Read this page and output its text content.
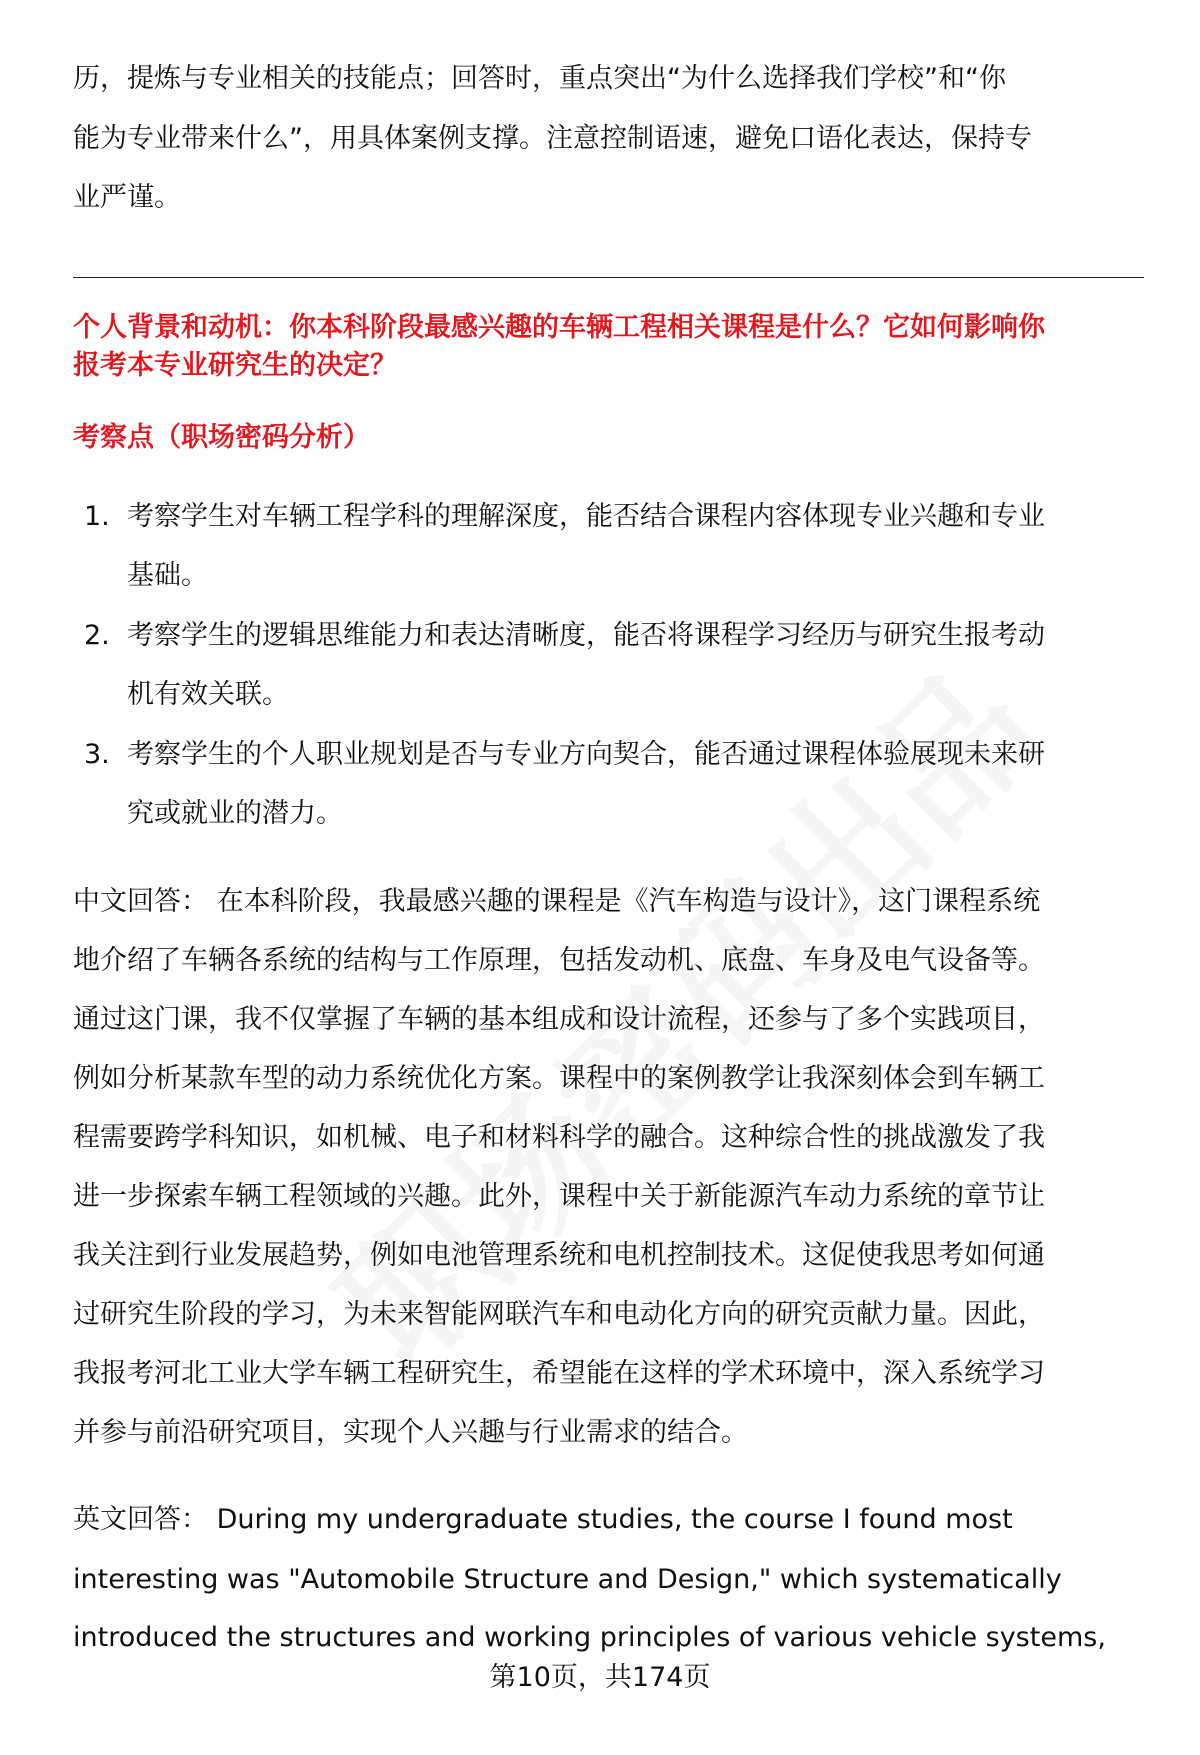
历，提炼与专业相关的技能点；回答时，重点突出“为什么选择我们学校”和“你
能为专业带来什么”，用具体案例支撑。注意控制语速，避免口语化表达，保持专
业严谨。
个人背景和动机：你本科阶段最感兴趣的车辆工程相关课程是什么？它如何影响你
报考本专业研究生的决定？
考察点（职场密码分析）
1. 考察学生对车辆工程学科的理解深度，能否结合课程内容体现专业兴趣和专业
基础。
2. 考察学生的逻辑思维能力和表达清晰度，能否将课程学习经历与研究生报考动
机有效关联。
3. 考察学生的个人职业规划是否与专业方向契合，能否通过课程体验展现未来研
究或就业的潜力。
中文回答： 在本科阶段，我最感兴趣的课程是《汽车构造与设计》，这门课程系统
地介绍了车辆各系统的结构与工作原理，包括发动机、底盘、车身及电气设备等。
通过这门课，我不仅掌握了车辆的基本组成和设计流程，还参与了多个实践项目，
例如分析某款车型的动力系统优化方案。课程中的案例教学让我深刻体会到车辆工
程需要跨学科知识，如机械、电子和材料科学的融合。这种综合性的挑战激发了我
进一步探索车辆工程领域的兴趣。此外，课程中关于新能源汽车动力系统的章节让
我关注到行业发展趋势，例如电池管理系统和电机控制技术。这促使我思考如何通
过研究生阶段的学习，为未来智能网联汽车和电动化方向的研究贡献力量。因此，
我报考河北工业大学车辆工程研究生，希望能在这样的学术环境中，深入系统学习
并参与前沿研究项目，实现个人兴趣与行业需求的结合。
英文回答： During my undergraduate studies, the course I found most
interesting was "Automobile Structure and Design," which systematically
introduced the structures and working principles of various vehicle systems,
第10页，共174页
